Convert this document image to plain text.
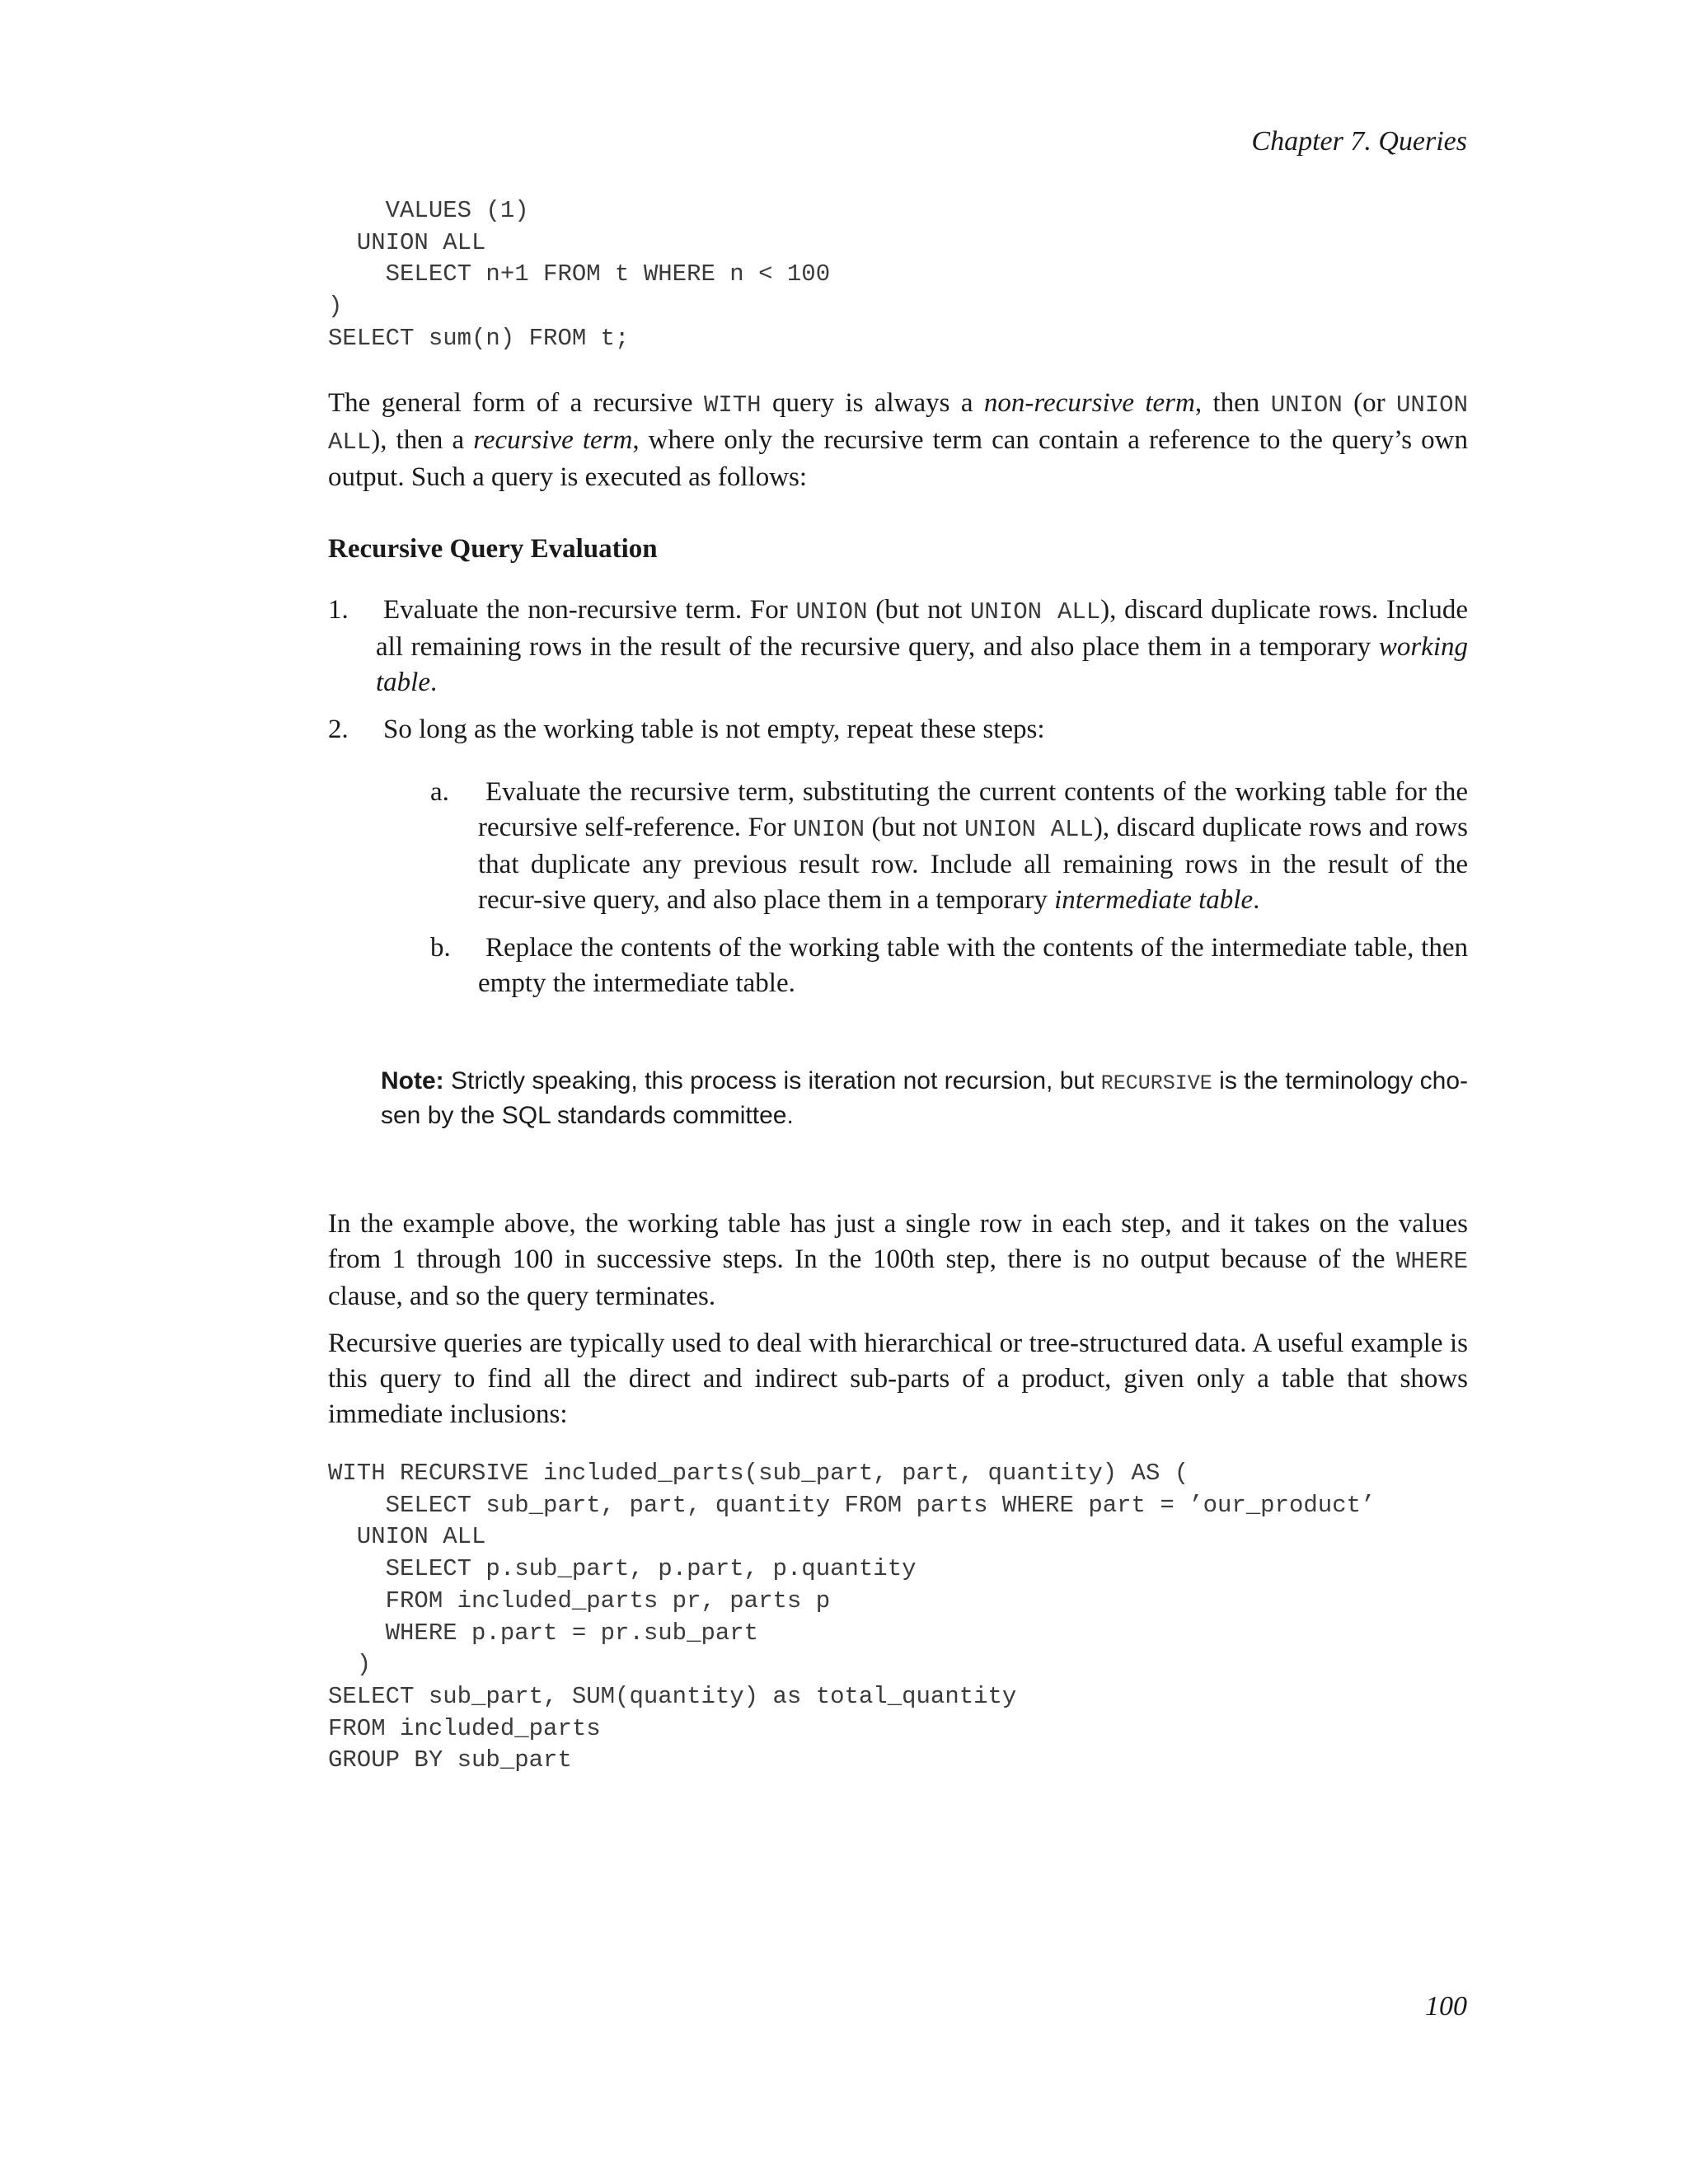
Chapter 7. Queries
VALUES (1)
UNION ALL
SELECT n+1 FROM t WHERE n < 100
)
SELECT sum(n) FROM t;

The general form of a recursive WITH query is always a non-recursive term, then UNION (or UNION ALL), then a recursive term, where only the recursive term can contain a reference to the query’s own output. Such a query is executed as follows:

Recursive Query Evaluation
1. Evaluate the non-recursive term. For UNION (but not UNION ALL), discard duplicate rows. Include all remaining rows in the result of the recursive query, and also place them in a temporary working table.

2. So long as the working table is not empty, repeat these steps:

a. Evaluate the recursive term, substituting the current contents of the working table for the recursive self-reference. For UNION (but not UNION ALL), discard duplicate rows and rows that duplicate any previous result row. Include all remaining rows in the result of the recur-sive query, and also place them in a temporary intermediate table.

b. Replace the contents of the working table with the contents of the intermediate table, then empty the intermediate table.

Note: Strictly speaking, this process is iteration not recursion, but RECURSIVE is the terminology cho-sen by the SQL standards committee.

In the example above, the working table has just a single row in each step, and it takes on the values from 1 through 100 in successive steps. In the 100th step, there is no output because of the WHERE clause, and so the query terminates.

Recursive queries are typically used to deal with hierarchical or tree-structured data. A useful example is this query to find all the direct and indirect sub-parts of a product, given only a table that shows immediate inclusions:

WITH RECURSIVE included_parts(sub_part, part, quantity) AS (
SELECT sub_part, part, quantity FROM parts WHERE part = ’our_product’
UNION ALL
SELECT p.sub_part, p.part, p.quantity
FROM included_parts pr, parts p
WHERE p.part = pr.sub_part
)
SELECT sub_part, SUM(quantity) as total_quantity
FROM included_parts
GROUP BY sub_part
100
